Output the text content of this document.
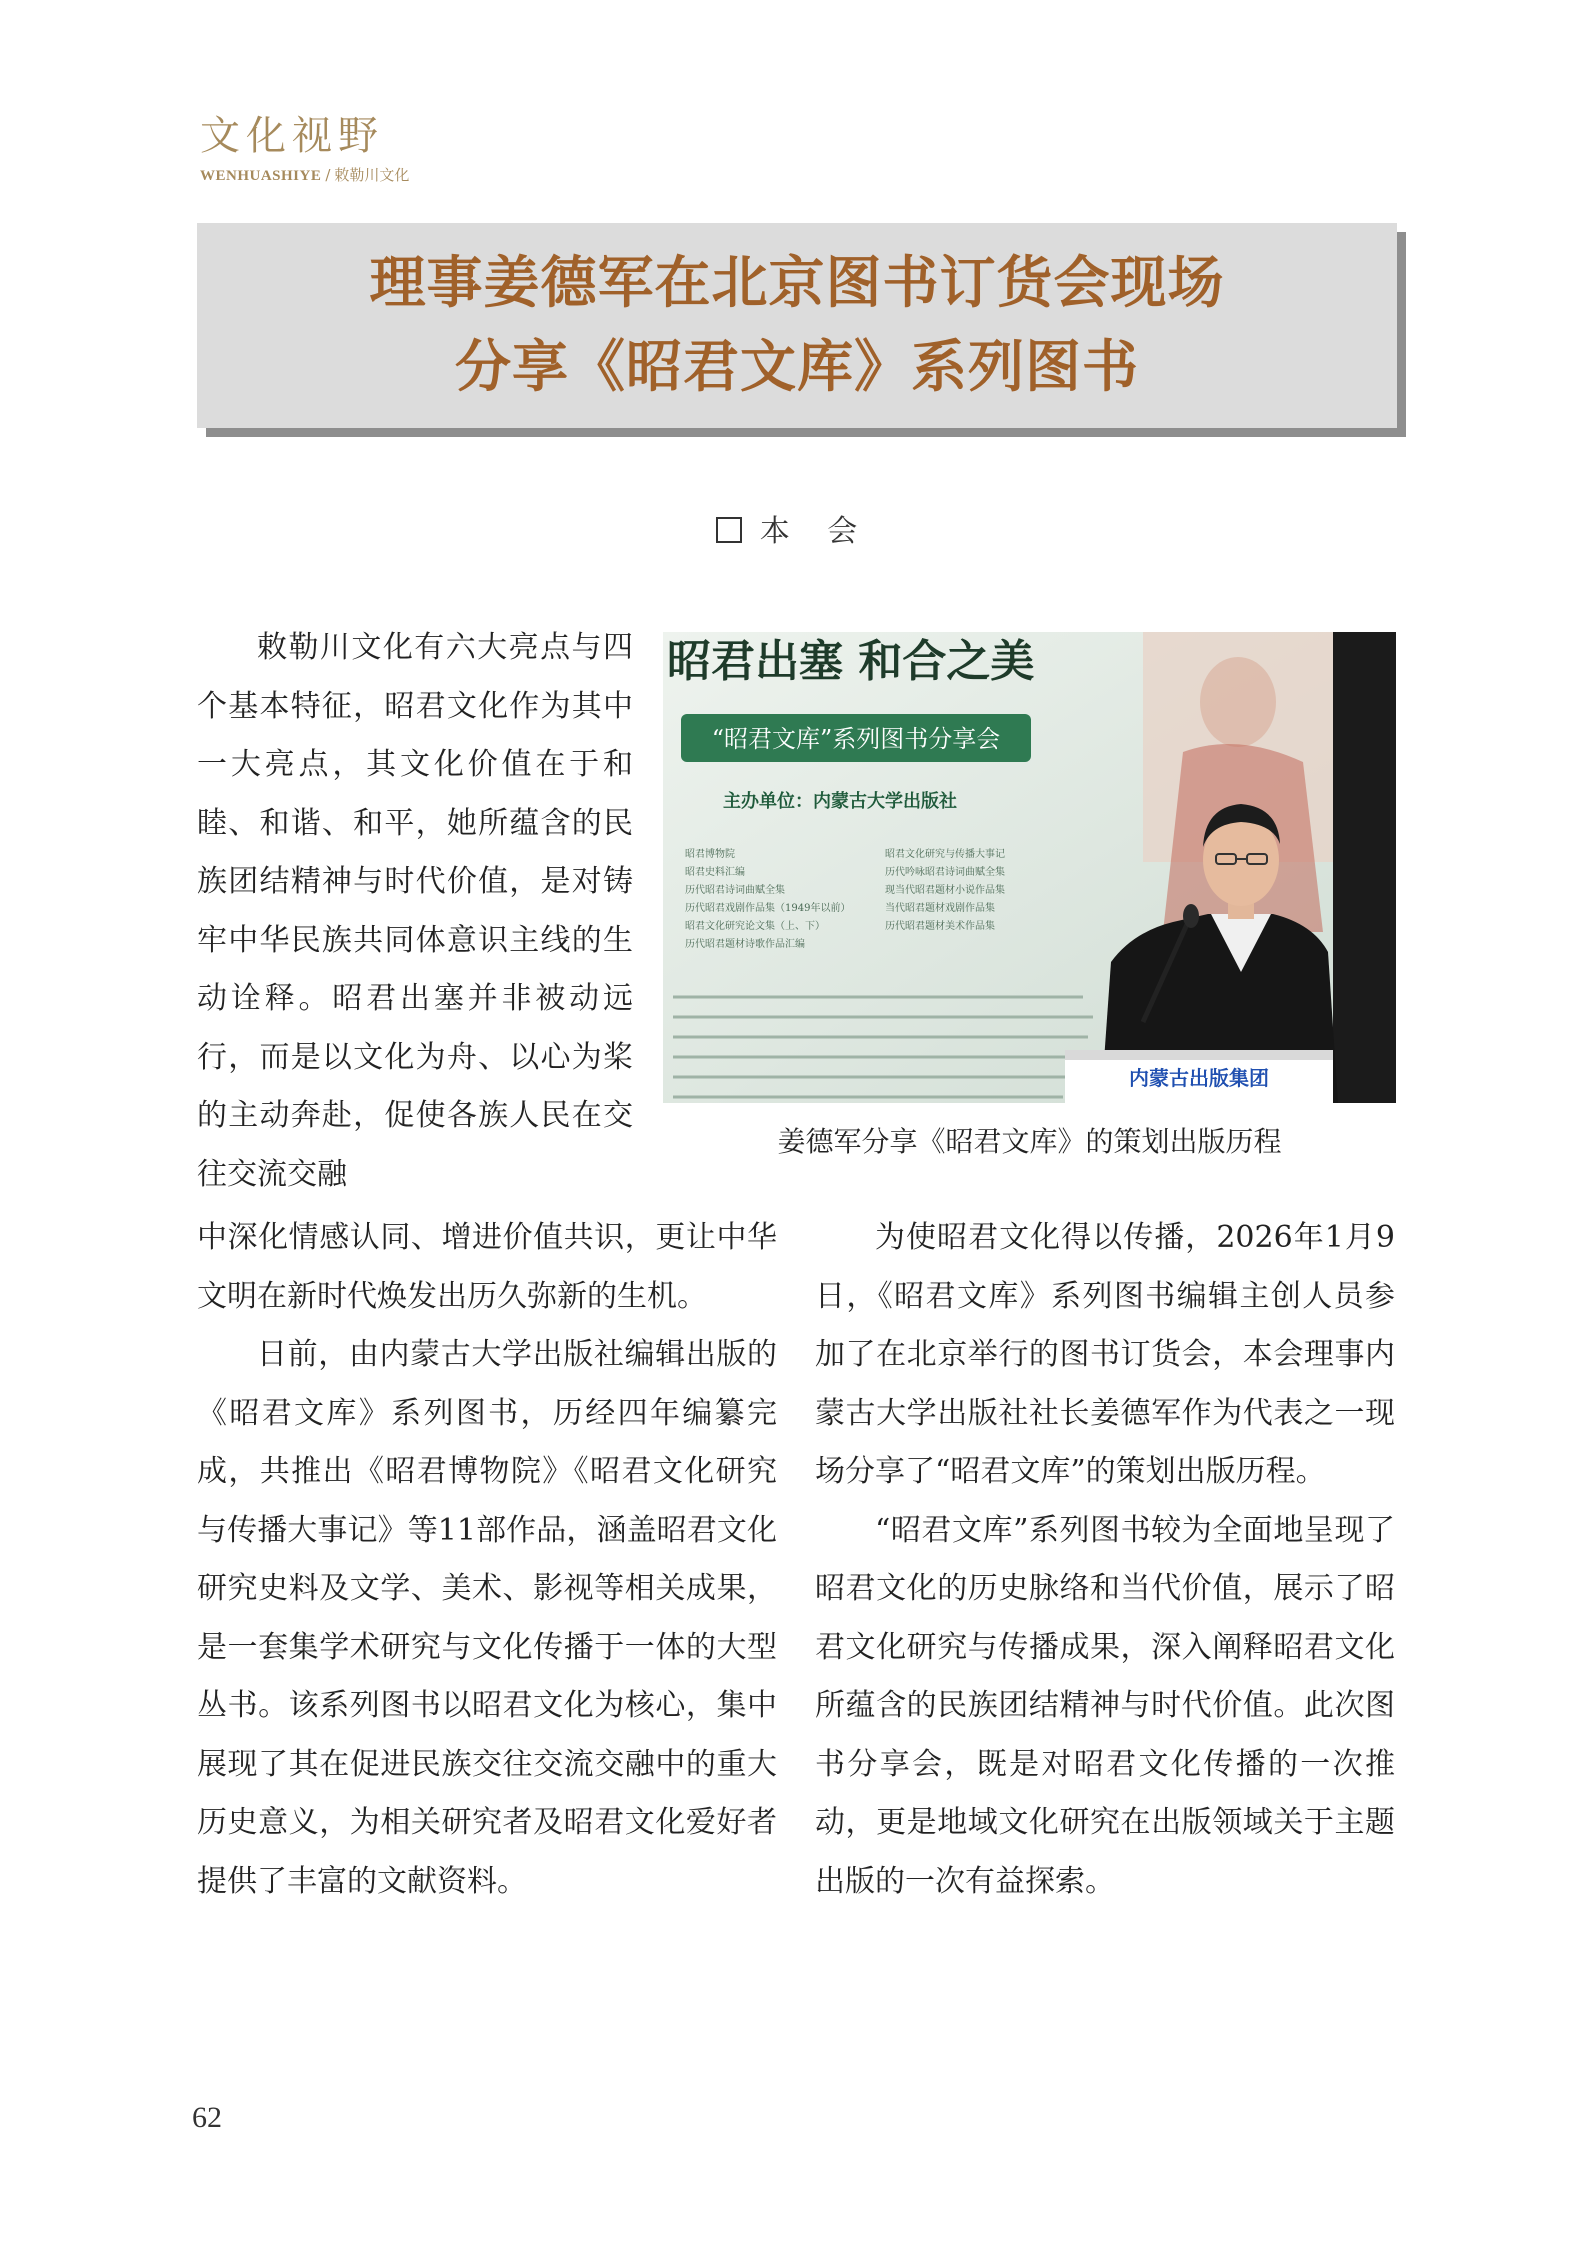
文化视野
WENHUASHIYE / 敕勒川文化
理事姜德军在北京图书订货会现场
分享《昭君文库》系列图书
本 会

敕勒川文化有六大亮点与四个基本特征，昭君文化作为其中一大亮点，其文化价值在于和睦、和谐、和平，她所蕴含的民族团结精神与时代价值，是对铸牢中华民族共同体意识主线的生动诠释。昭君出塞并非被动远行，而是以文化为舟、以心为桨的主动奔赴，促使各族人民在交往交流交融

昭君出塞 和合之美
“昭君文库”系列图书分享会
主办单位：内蒙古大学出版社
昭君博物院
昭君史料汇编
历代昭君诗词曲赋全集
历代昭君戏剧作品集（1949年以前）
昭君文化研究论文集（上、下）
历代昭君题材诗歌作品汇编
昭君文化研究与传播大事记
历代吟咏昭君诗词曲赋全集
现当代昭君题材小说作品集
当代昭君题材戏剧作品集
历代昭君题材美术作品集
内蒙古出版集团
姜德军分享《昭君文库》的策划出版历程

中深化情感认同、增进价值共识，更让中华文明在新时代焕发出历久弥新的生机。

日前，由内蒙古大学出版社编辑出版的《昭君文库》系列图书，历经四年编纂完成，共推出《昭君博物院》《昭君文化研究与传播大事记》等11部作品，涵盖昭君文化研究史料及文学、美术、影视等相关成果，是一套集学术研究与文化传播于一体的大型丛书。该系列图书以昭君文化为核心，集中展现了其在促进民族交往交流交融中的重大历史意义，为相关研究者及昭君文化爱好者提供了丰富的文献资料。

为使昭君文化得以传播，2026年1月9日，《昭君文库》系列图书编辑主创人员参加了在北京举行的图书订货会，本会理事内蒙古大学出版社社长姜德军作为代表之一现场分享了“昭君文库”的策划出版历程。

“昭君文库”系列图书较为全面地呈现了昭君文化的历史脉络和当代价值，展示了昭君文化研究与传播成果，深入阐释昭君文化所蕴含的民族团结精神与时代价值。此次图书分享会，既是对昭君文化传播的一次推动，更是地域文化研究在出版领域关于主题出版的一次有益探索。

62
